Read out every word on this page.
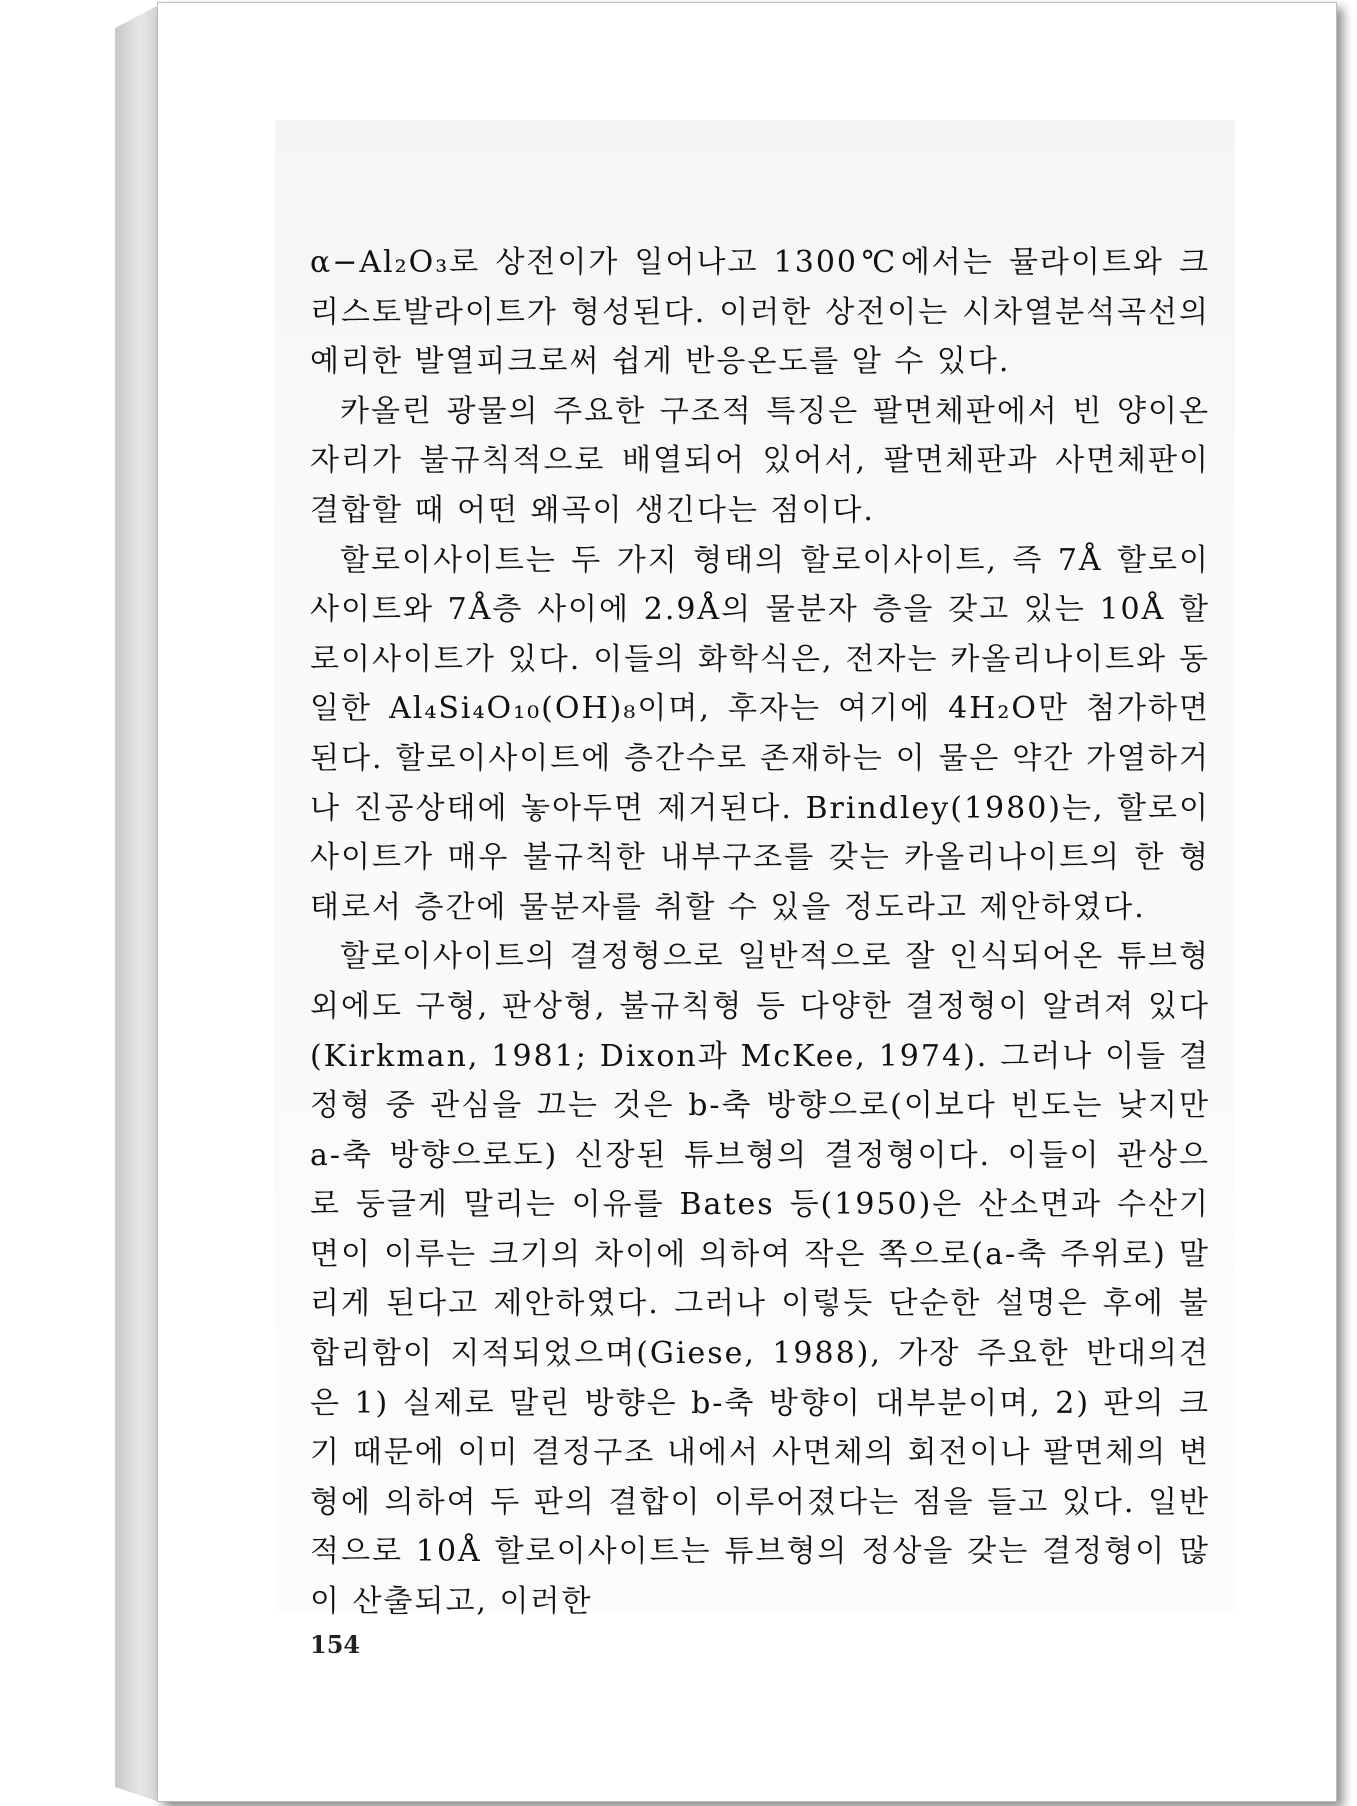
α−Al₂O₃로 상전이가 일어나고 1300℃에서는 뮬라이트와 크리스토발라이트가 형성된다. 이러한 상전이는 시차열분석곡선의 예리한 발열피크로써 쉽게 반응온도를 알 수 있다.

카올린 광물의 주요한 구조적 특징은 팔면체판에서 빈 양이온자리가 불규칙적으로 배열되어 있어서, 팔면체판과 사면체판이 결합할 때 어떤 왜곡이 생긴다는 점이다.

할로이사이트는 두 가지 형태의 할로이사이트, 즉 7Å 할로이사이트와 7Å층 사이에 2.9Å의 물분자 층을 갖고 있는 10Å 할로이사이트가 있다. 이들의 화학식은, 전자는 카올리나이트와 동일한 Al₄Si₄O₁₀(OH)₈이며, 후자는 여기에 4H₂O만 첨가하면 된다. 할로이사이트에 층간수로 존재하는 이 물은 약간 가열하거나 진공상태에 놓아두면 제거된다. Brindley(1980)는, 할로이사이트가 매우 불규칙한 내부구조를 갖는 카올리나이트의 한 형태로서 층간에 물분자를 취할 수 있을 정도라고 제안하였다.

할로이사이트의 결정형으로 일반적으로 잘 인식되어온 튜브형 외에도 구형, 판상형, 불규칙형 등 다양한 결정형이 알려져 있다(Kirkman, 1981; Dixon과 McKee, 1974). 그러나 이들 결정형 중 관심을 끄는 것은 b-축 방향으로(이보다 빈도는 낮지만 a-축 방향으로도) 신장된 튜브형의 결정형이다. 이들이 관상으로 둥글게 말리는 이유를 Bates 등(1950)은 산소면과 수산기면이 이루는 크기의 차이에 의하여 작은 쪽으로(a-축 주위로) 말리게 된다고 제안하였다. 그러나 이렇듯 단순한 설명은 후에 불합리함이 지적되었으며(Giese, 1988), 가장 주요한 반대의견은 1) 실제로 말린 방향은 b-축 방향이 대부분이며, 2) 판의 크기 때문에 이미 결정구조 내에서 사면체의 회전이나 팔면체의 변형에 의하여 두 판의 결합이 이루어졌다는 점을 들고 있다. 일반적으로 10Å 할로이사이트는 튜브형의 정상을 갖는 결정형이 많이 산출되고, 이러한

154
